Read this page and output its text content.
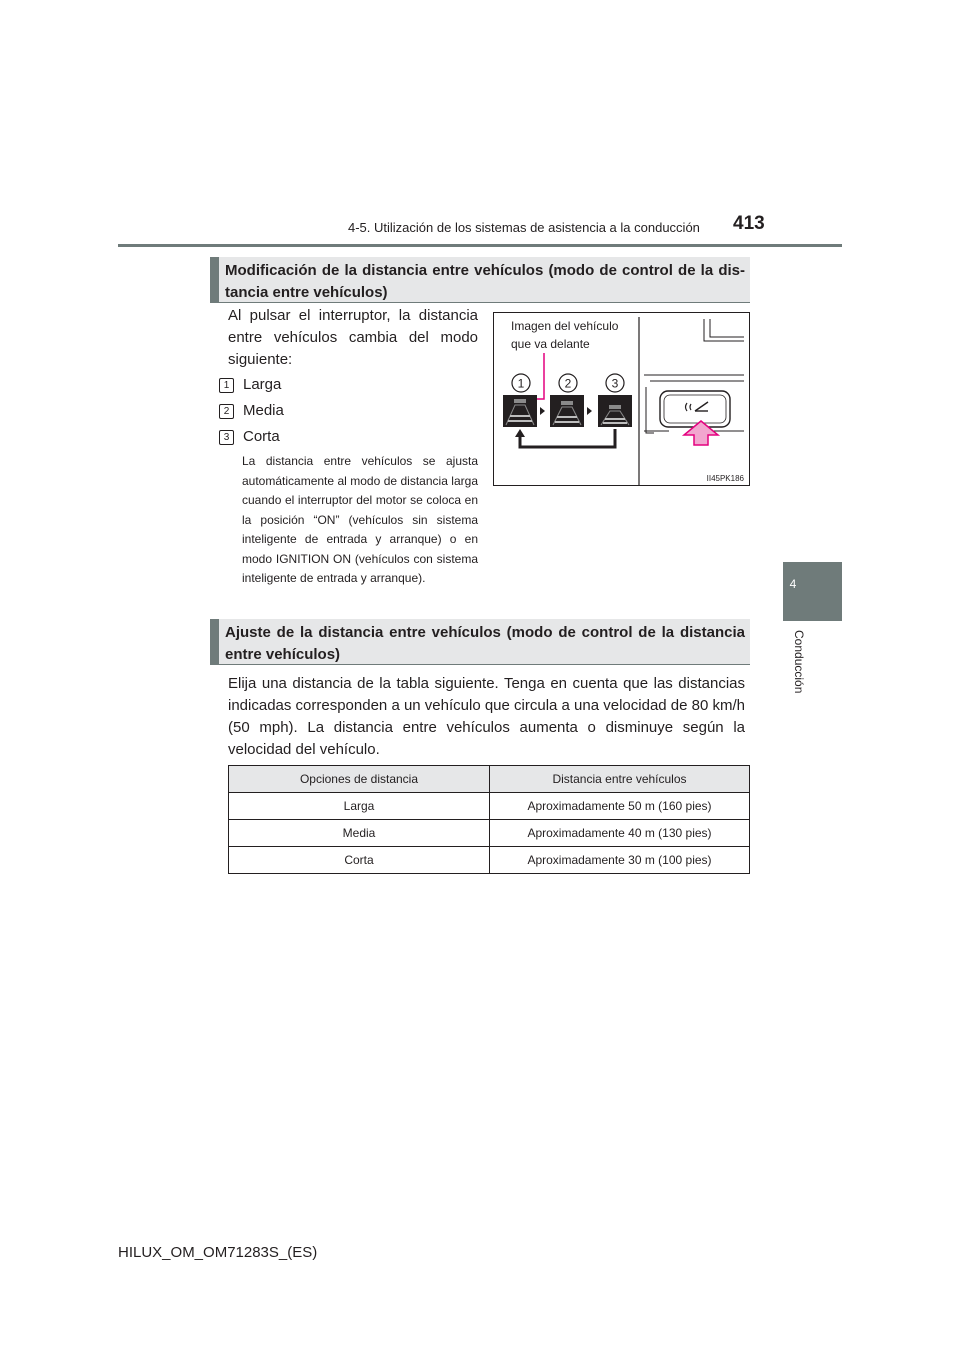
4-5. Utilización de los sistemas de asistencia a la conducción 413
4
Conducción
Modificación de la distancia entre vehículos (modo de control de la dis-tancia entre vehículos)
Al pulsar el interruptor, la distancia
entre vehículos cambia del modo
siguiente:
1 Larga
2 Media
3 Corta
La distancia entre vehículos se ajusta automáticamente al modo de distancia larga cuando el interruptor del motor se coloca en la posición “ON” (vehículos sin sistema inteligente de entrada y arranque) o en modo IGNITION ON (vehículos con sistema inteligente de entrada y arranque).
Imagen del vehículo
que va delante
1	2	3
II45PK186
Ajuste de la distancia entre vehículos (modo de control de la distancia entre vehículos)
Elija una distancia de la tabla siguiente. Tenga en cuenta que las distancias indicadas corresponden a un vehículo que circula a una velocidad de 80 km/h (50 mph). La distancia entre vehículos aumenta o disminuye según la velocidad del vehículo.
Opciones de distancia	Distancia entre vehículos
Larga	Aproximadamente 50 m (160 pies)
Media	Aproximadamente 40 m (130 pies)
Corta	Aproximadamente 30 m (100 pies)
HILUX_OM_OM71283S_(ES)
